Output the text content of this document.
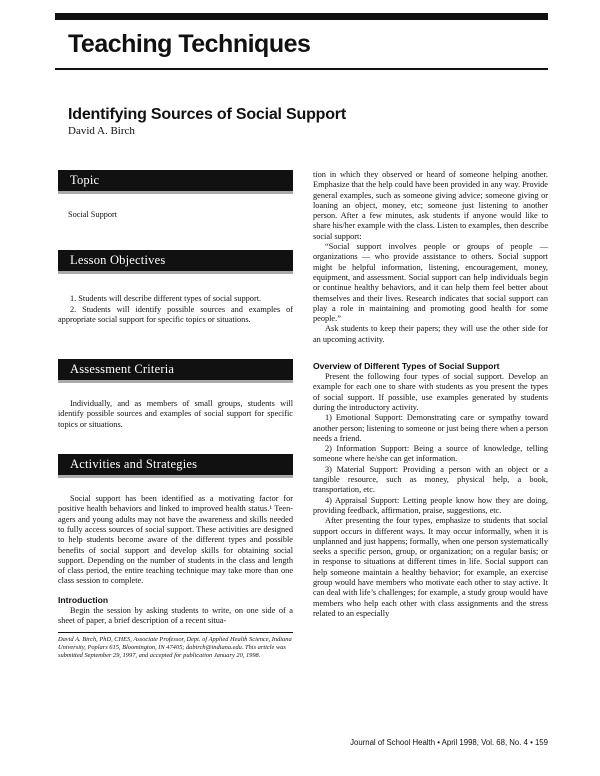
Teaching Techniques
Identifying Sources of Social Support
David A. Birch
Topic

Social Support

Lesson Objectives

1. Students will describe different types of social support.

2. Students will identify possible sources and examples of appropriate social support for specific topics or situations.

Assessment Criteria

Individually, and as members of small groups, students will identify possible sources and examples of social support for specific topics or situations.

Activities and Strategies

Social support has been identified as a motivating factor for positive health behaviors and linked to improved health status.¹ Teen-agers and young adults may not have the awareness and skills needed to fully access sources of social support. These activities are designed to help students become aware of the different types and possible benefits of social support and develop skills for obtaining social support. Depending on the number of students in the class and length of class period, the entire teaching technique may take more than one class session to complete.

Introduction

Begin the session by asking students to write, on one side of a sheet of paper, a brief description of a recent situa-

David A. Birch, PhD, CHES, Associate Professor, Dept. of Applied Health Science, Indiana University, Poplars 615, Bloomington, IN 47405; dabirch@indiana.edu. This article was submitted September 29, 1997, and accepted for publication January 20, 1998.

tion in which they observed or heard of someone helping another. Emphasize that the help could have been provided in any way. Provide general examples, such as someone giving advice; someone giving or loaning an object, money, etc; someone just listening to another person. After a few minutes, ask students if anyone would like to share his/her example with the class. Listen to examples, then describe social support:

“Social support involves people or groups of people — organizations — who provide assistance to others. Social support might be helpful information, listening, encouragement, money, equipment, and assessment. Social support can help individuals begin or continue healthy behaviors, and it can help them feel better about themselves and their lives. Research indicates that social support can play a role in maintaining and promoting good health for some people.”

Ask students to keep their papers; they will use the other side for an upcoming activity.

Overview of Different Types of Social Support

Present the following four types of social support. Develop an example for each one to share with students as you present the types of social support. If possible, use examples generated by students during the introductory activity.

1) Emotional Support: Demonstrating care or sympathy toward another person; listening to someone or just being there when a person needs a friend.

2) Information Support: Being a source of knowledge, telling someone where he/she can get information.

3) Material Support: Providing a person with an object or a tangible resource, such as money, physical help, a book, transportation, etc.

4) Appraisal Support: Letting people know how they are doing, providing feedback, affirmation, praise, suggestions, etc.

After presenting the four types, emphasize to students that social support occurs in different ways. It may occur informally, when it is unplanned and just happens; formally, when one person systematically seeks a specific person, group, or organization; on a regular basis; or in response to situations at different times in life. Social support can help someone maintain a healthy behavior; for example, an exercise group would have members who motivate each other to stay active. It can deal with life’s challenges; for example, a study group would have members who help each other with class assignments and the stress related to an especially

Journal of School Health • April 1998, Vol. 68, No. 4 • 159
